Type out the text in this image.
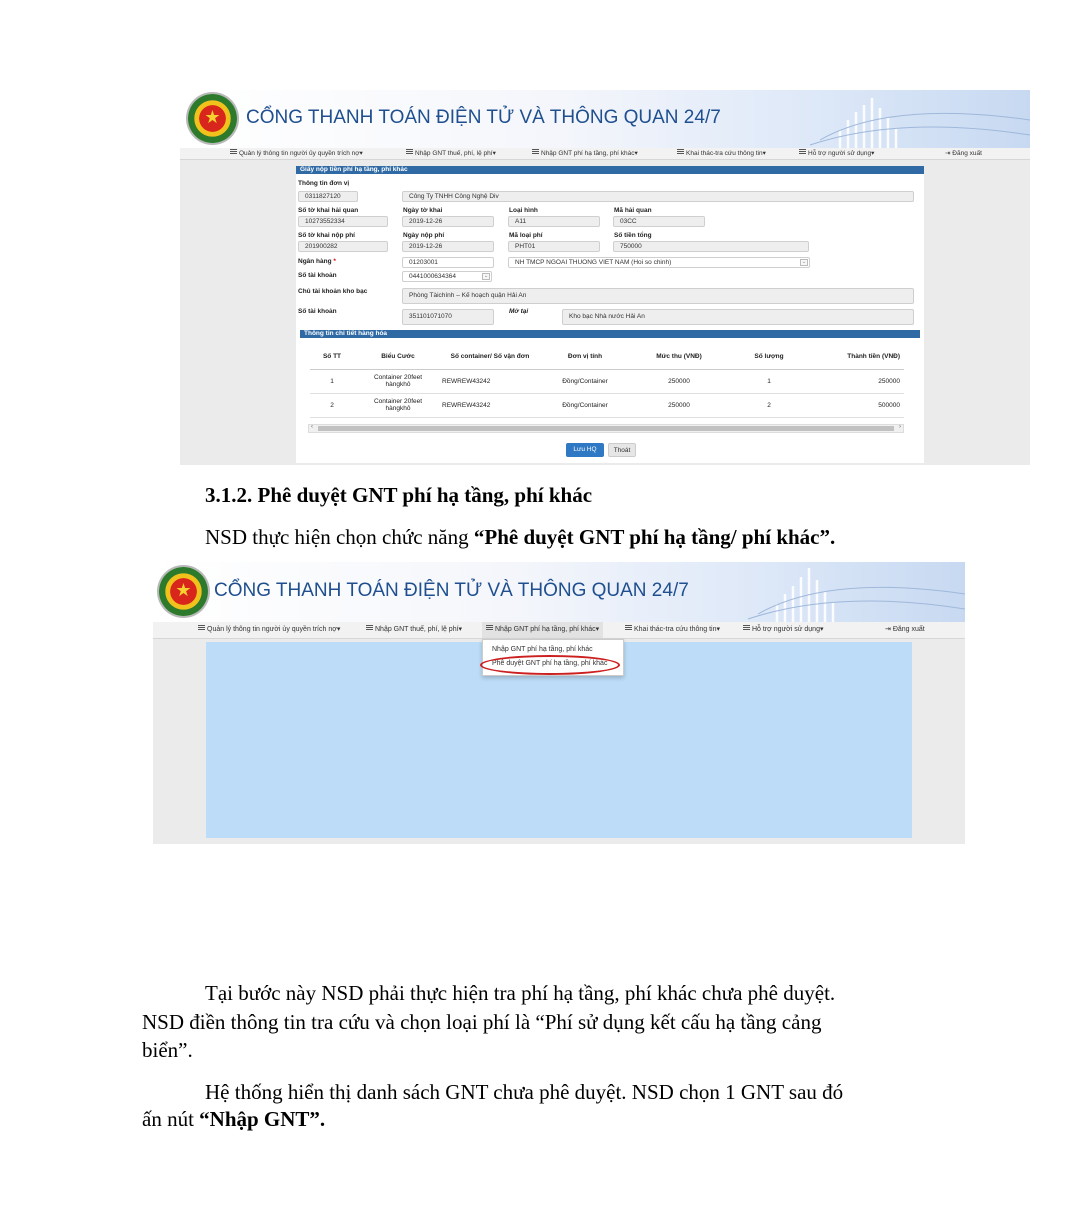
★	CỔNG THANH TOÁN ĐIỆN TỬ VÀ THÔNG QUAN 24/7
Quản lý thông tin người ủy quyền trích nợ▾	Nhập GNT thuế, phí, lệ phí▾	Nhập GNT phí hạ tầng, phí khác▾	Khai thác-tra cứu thông tin▾	Hỗ trợ người sử dụng▾	⇥ Đăng xuất
Giấy nộp tiền phí hạ tầng, phí khác
Thông tin đơn vị
0311827120	Công Ty TNHH Công Nghệ Div
Số tờ khai hải quan	Ngày tờ khai	Loại hình	Mã hải quan
10273552334	2019-12-26	A11	03CC
Số tờ khai nộp phí	Ngày nộp phí	Mã loại phí	Số tiền tổng
201900282	2019-12-26	PHT01	750000
Ngân hàng *	01203001	NH TMCP NGOAI THUONG VIET NAM (Hoi so chinh)	⌄
Số tài khoản	0441000634364	⌄
Chủ tài khoản kho bạc
Phòng Tàichính – Kế hoạch quận Hải An
Số tài khoản
351101071070
Mở tại
Kho bạc Nhà nước Hải An
Thông tin chi tiết hàng hóa
Số TT	Biểu Cước	Số container/ Số vận đơn	Đơn vị tính	Mức thu (VNĐ)	Số lượng	Thành tiền (VNĐ)
1	Container 20feet hàngkhô	REWREW43242	Đồng/Container	250000	1	250000
2	Container 20feet hàngkhô	REWREW43242	Đồng/Container	250000	2	500000
‹	›
Lưu HQ	Thoát
3.1.2. Phê duyệt GNT phí hạ tầng, phí khác
NSD thực hiện chọn chức năng “Phê duyệt GNT phí hạ tầng/ phí khác”.
★	CỔNG THANH TOÁN ĐIỆN TỬ VÀ THÔNG QUAN 24/7
Quản lý thông tin người ủy quyền trích nợ▾	Nhập GNT thuế, phí, lệ phí▾	Nhập GNT phí hạ tầng, phí khác▾	Khai thác-tra cứu thông tin▾	Hỗ trợ người sử dụng▾	⇥ Đăng xuất
Nhập GNT phí hạ tầng, phí khác
Phê duyệt GNT phí hạ tầng, phí khác
Tại bước này NSD phải thực hiện tra phí hạ tầng, phí khác chưa phê duyệt.
NSD điền thông tin tra cứu và chọn loại phí là “Phí sử dụng kết cấu hạ tầng cảng
biển”.
Hệ thống hiển thị danh sách GNT chưa phê duyệt. NSD chọn 1 GNT sau đó
ấn nút “Nhập GNT”.
